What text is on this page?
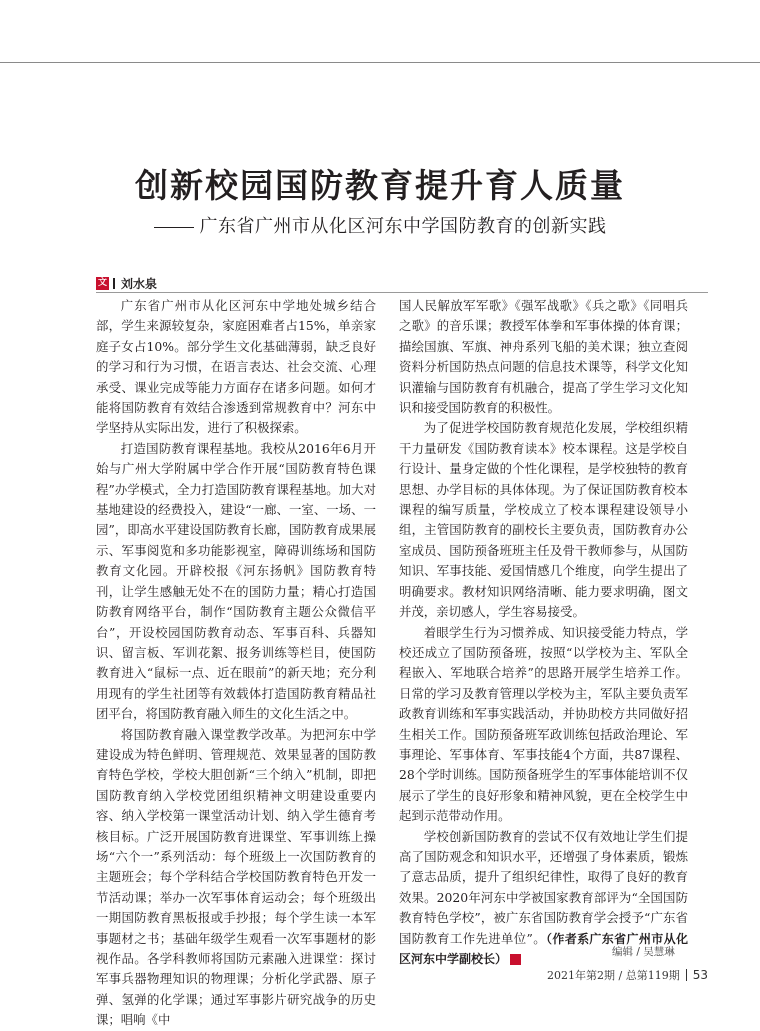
创新校园国防教育提升育人质量
广东省广州市从化区河东中学国防教育的创新实践
文 刘水泉

广东省广州市从化区河东中学地处城乡结合部，学生来源较复杂，家庭困难者占15%，单亲家庭子女占10%。部分学生文化基础薄弱，缺乏良好的学习和行为习惯，在语言表达、社会交流、心理承受、课业完成等能力方面存在诸多问题。如何才能将国防教育有效结合渗透到常规教育中？河东中学坚持从实际出发，进行了积极探索。

打造国防教育课程基地。我校从2016年6月开始与广州大学附属中学合作开展“国防教育特色课程”办学模式，全力打造国防教育课程基地。加大对基地建设的经费投入，建设“一廊、一室、一场、一园”，即高水平建设国防教育长廊，国防教育成果展示、军事阅览和多功能影视室，障碍训练场和国防教育文化园。开辟校报《河东扬帆》国防教育特刊，让学生感触无处不在的国防力量；精心打造国防教育网络平台，制作“国防教育主题公众微信平台”，开设校园国防教育动态、军事百科、兵器知识、留言板、军训花絮、报务训练等栏目，使国防教育进入“鼠标一点、近在眼前”的新天地；充分利用现有的学生社团等有效载体打造国防教育精品社团平台，将国防教育融入师生的文化生活之中。

将国防教育融入课堂教学改革。为把河东中学建设成为特色鲜明、管理规范、效果显著的国防教育特色学校，学校大胆创新“三个纳入”机制，即把国防教育纳入学校党团组织精神文明建设重要内容、纳入学校第一课堂活动计划、纳入学生德育考核目标。广泛开展国防教育进课堂、军事训练上操场“六个一”系列活动：每个班级上一次国防教育的主题班会；每个学科结合学校国防教育特色开发一节活动课；举办一次军事体育运动会；每个班级出一期国防教育黑板报或手抄报；每个学生读一本军事题材之书；基础年级学生观看一次军事题材的影视作品。各学科教师将国防元素融入进课堂：探讨军事兵器物理知识的物理课；分析化学武器、原子弹、氢弹的化学课；通过军事影片研究战争的历史课；唱响《中

国人民解放军军歌》《强军战歌》《兵之歌》《同唱兵之歌》的音乐课；教授军体拳和军事体操的体育课；描绘国旗、军旗、神舟系列飞船的美术课；独立查阅资料分析国防热点问题的信息技术课等，科学文化知识灌输与国防教育有机融合，提高了学生学习文化知识和接受国防教育的积极性。

为了促进学校国防教育规范化发展，学校组织精干力量研发《国防教育读本》校本课程。这是学校自行设计、量身定做的个性化课程，是学校独特的教育思想、办学目标的具体体现。为了保证国防教育校本课程的编写质量，学校成立了校本课程建设领导小组，主管国防教育的副校长主要负责，国防教育办公室成员、国防预备班班主任及骨干教师参与，从国防知识、军事技能、爱国情感几个维度，向学生提出了明确要求。教材知识网络清晰、能力要求明确，图文并茂，亲切感人，学生容易接受。

着眼学生行为习惯养成、知识接受能力特点，学校还成立了国防预备班，按照“以学校为主、军队全程嵌入、军地联合培养”的思路开展学生培养工作。日常的学习及教育管理以学校为主，军队主要负责军政教育训练和军事实践活动，并协助校方共同做好招生相关工作。国防预备班军政训练包括政治理论、军事理论、军事体育、军事技能4个方面，共87课程、28个学时训练。国防预备班学生的军事体能培训不仅展示了学生的良好形象和精神风貌，更在全校学生中起到示范带动作用。

学校创新国防教育的尝试不仅有效地让学生们提高了国防观念和知识水平，还增强了身体素质，锻炼了意志品质，提升了组织纪律性，取得了良好的教育效果。2020年河东中学被国家教育部评为“全国国防教育特色学校”，被广东省国防教育学会授予“广东省国防教育工作先进单位”。（作者系广东省广州市从化区河东中学副校长）	G

编辑 / 吴慧琳
2021年第2期 / 总第119期 53
